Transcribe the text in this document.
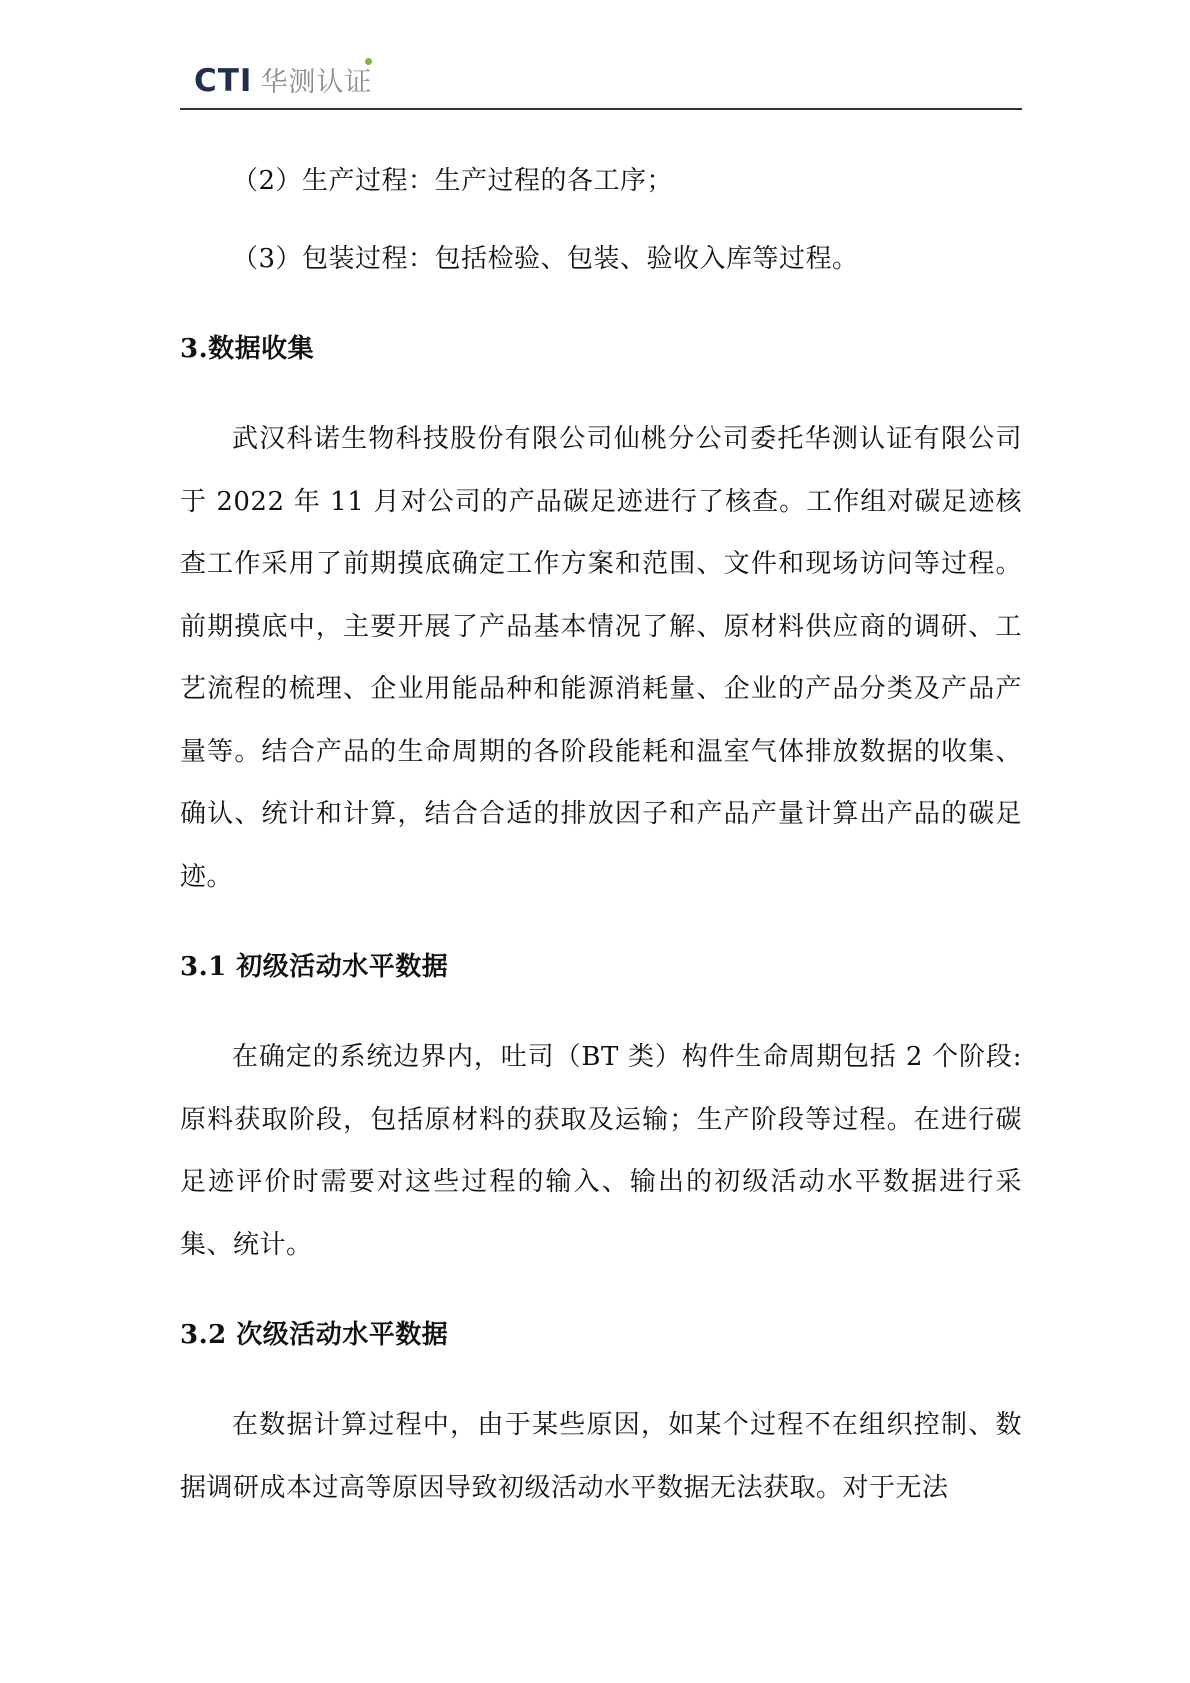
CTI 华测认证

（2）生产过程：生产过程的各工序；

（3）包装过程：包括检验、包装、验收入库等过程。

3.数据收集

武汉科诺生物科技股份有限公司仙桃分公司委托华测认证有限公司于 2022 年 11 月对公司的产品碳足迹进行了核查。工作组对碳足迹核查工作采用了前期摸底确定工作方案和范围、文件和现场访问等过程。前期摸底中，主要开展了产品基本情况了解、原材料供应商的调研、工艺流程的梳理、企业用能品种和能源消耗量、企业的产品分类及产品产量等。结合产品的生命周期的各阶段能耗和温室气体排放数据的收集、确认、统计和计算，结合合适的排放因子和产品产量计算出产品的碳足迹。

3.1 初级活动水平数据

在确定的系统边界内，吐司（BT 类）构件生命周期包括 2 个阶段: 原料获取阶段，包括原材料的获取及运输；生产阶段等过程。在进行碳足迹评价时需要对这些过程的输入、输出的初级活动水平数据进行采集、统计。

3.2 次级活动水平数据

在数据计算过程中，由于某些原因，如某个过程不在组织控制、数据调研成本过高等原因导致初级活动水平数据无法获取。对于无法
